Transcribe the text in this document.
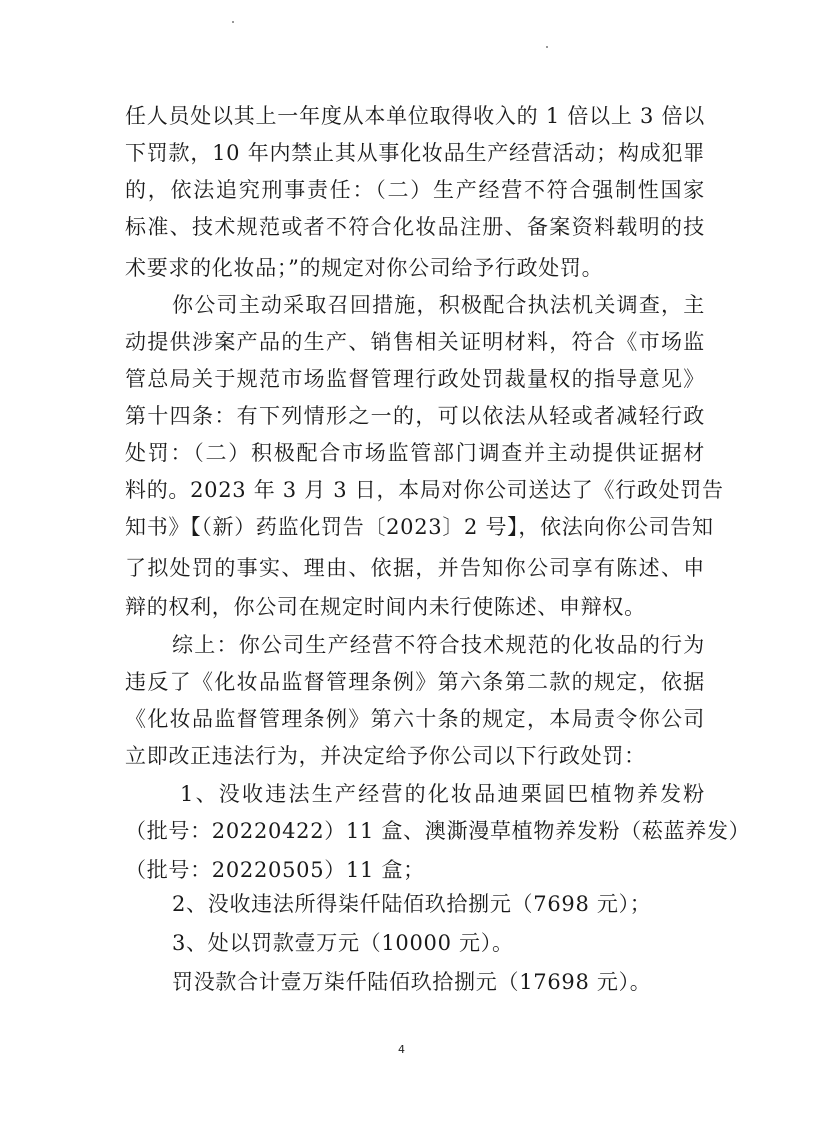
任人员处以其上一年度从本单位取得收入的 1 倍以上 3 倍以
下罚款，10 年内禁止其从事化妆品生产经营活动；构成犯罪
的，依法追究刑事责任：（二）生产经营不符合强制性国家
标准、技术规范或者不符合化妆品注册、备案资料载明的技
术要求的化妆品；”的规定对你公司给予行政处罚。
你公司主动采取召回措施，积极配合执法机关调查，主
动提供涉案产品的生产、销售相关证明材料，符合《市场监
管总局关于规范市场监督管理行政处罚裁量权的指导意见》
第十四条：有下列情形之一的，可以依法从轻或者减轻行政
处罚：（二）积极配合市场监管部门调查并主动提供证据材
料的。2023 年 3 月 3 日，本局对你公司送达了《行政处罚告
知书》【（新）药监化罚告〔2023〕2 号】，依法向你公司告知
了拟处罚的事实、理由、依据，并告知你公司享有陈述、申
辩的权利，你公司在规定时间内未行使陈述、申辩权。
综上：你公司生产经营不符合技术规范的化妆品的行为
违反了《化妆品监督管理条例》第六条第二款的规定，依据
《化妆品监督管理条例》第六十条的规定，本局责令你公司
立即改正违法行为，并决定给予你公司以下行政处罚：
1、没收违法生产经营的化妆品迪栗囸巴植物养发粉
（批号：20220422）11 盒、澳澌漫草植物养发粉（菘蓝养发）
（批号：20220505）11 盒；
2、没收违法所得柒仟陆佰玖拾捌元（7698 元）；
3、处以罚款壹万元（10000 元）。
罚没款合计壹万柒仟陆佰玖拾捌元（17698 元）。
4
